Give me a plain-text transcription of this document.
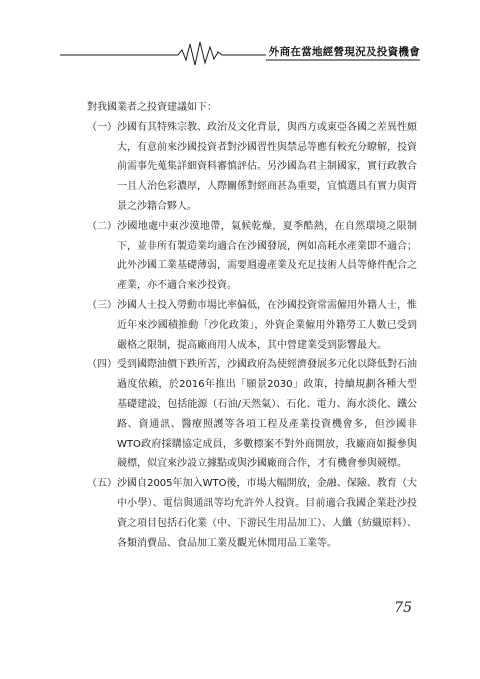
外商在當地經營現況及投資機會

對我國業者之投資建議如下：

（一） 沙國有其特殊宗教、政治及文化背景，與西方或東亞各國之差異性頗大，有意前來沙國投資者對沙國習性與禁忌等應有較充分瞭解，投資前需事先蒐集詳細資料審慎評估。另沙國為君主制國家，實行政教合一且人治色彩濃厚，人際關係對經商甚為重要，宜慎選具有實力與背景之沙籍合夥人。

（二） 沙國地處中東沙漠地帶，氣候乾燥，夏季酷熱，在自然環境之限制下，並非所有製造業均適合在沙國發展，例如高耗水產業即不適合；此外沙國工業基礎薄弱，需要週邊產業及充足技術人員等條件配合之產業，亦不適合來沙投資。

（三） 沙國人士投入勞動市場比率偏低，在沙國投資常需僱用外籍人士，惟近年來沙國積推動「沙化政策」，外資企業僱用外籍勞工人數已受到嚴格之限制，提高廠商用人成本，其中營建業受到影響最大。

（四） 受到國際油價下跌所苦，沙國政府為使經濟發展多元化以降低對石油過度依賴，於2016年推出「願景2030」政策，持續規劃各種大型基礎建設，包括能源（石油/天然氣）、石化、電力、海水淡化、鐵公路、資通訊、醫療照護等各項工程及產業投資機會多，但沙國非WTO政府採購協定成員，多數標案不對外商開放，我廠商如擬參與競標，似宜來沙設立據點或與沙國廠商合作，才有機會參與競標。

（五） 沙國自2005年加入WTO後，市場大幅開放，金融、保險、教育（大中小學）、電信與通訊等均允許外人投資。目前適合我國企業赴沙投資之項目包括石化業（中、下游民生用品加工）、人纖（紡織原料）、各類消費品、食品加工業及觀光休閒用品工業等。

75
